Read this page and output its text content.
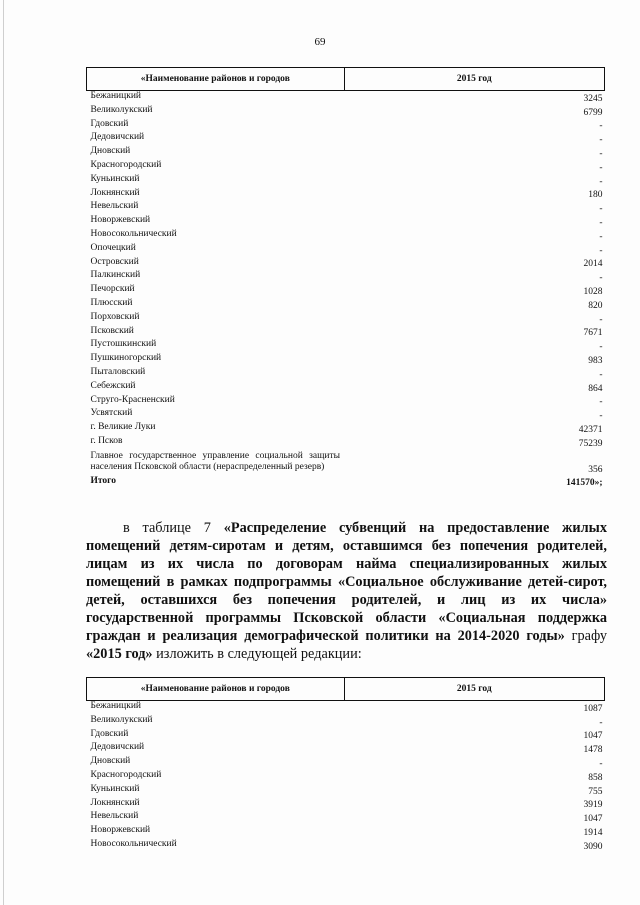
69
«Наименование районов и городов	2015 год
Бежаницкий	3245
Великолукский	6799
Гдовский	-
Дедовичский	-
Дновский	-
Красногородский	-
Куньинский	-
Локнянский	180
Невельский	-
Новоржевский	-
Новосокольнический	-
Опочецкий	-
Островский	2014
Палкинский	-
Печорский	1028
Плюсский	820
Порховский	-
Псковский	7671
Пустошкинский	-
Пушкиногорский	983
Пыталовский	-
Себежский	864
Струго-Красненский	-
Усвятский	-
г. Великие Луки	42371
г. Псков	75239
Главное государственное управление социальной защиты населения Псковской области (нераспределенный резерв)	356
Итого	141570»;
в таблице 7 «Распределение субвенций на предоставление жилых помещений детям-сиротам и детям, оставшимся без попечения родителей, лицам из их числа по договорам найма специализированных жилых помещений в рамках подпрограммы «Социальное обслуживание детей-сирот, детей, оставшихся без попечения родителей, и лиц из их числа» государственной программы Псковской области «Социальная поддержка граждан и реализация демографической политики на 2014-2020 годы» графу «2015 год» изложить в следующей редакции:
«Наименование районов и городов	2015 год
Бежаницкий	1087
Великолукский	-
Гдовский	1047
Дедовичский	1478
Дновский	-
Красногородский	858
Куньинский	755
Локнянский	3919
Невельский	1047
Новоржевский	1914
Новосокольнический	3090
